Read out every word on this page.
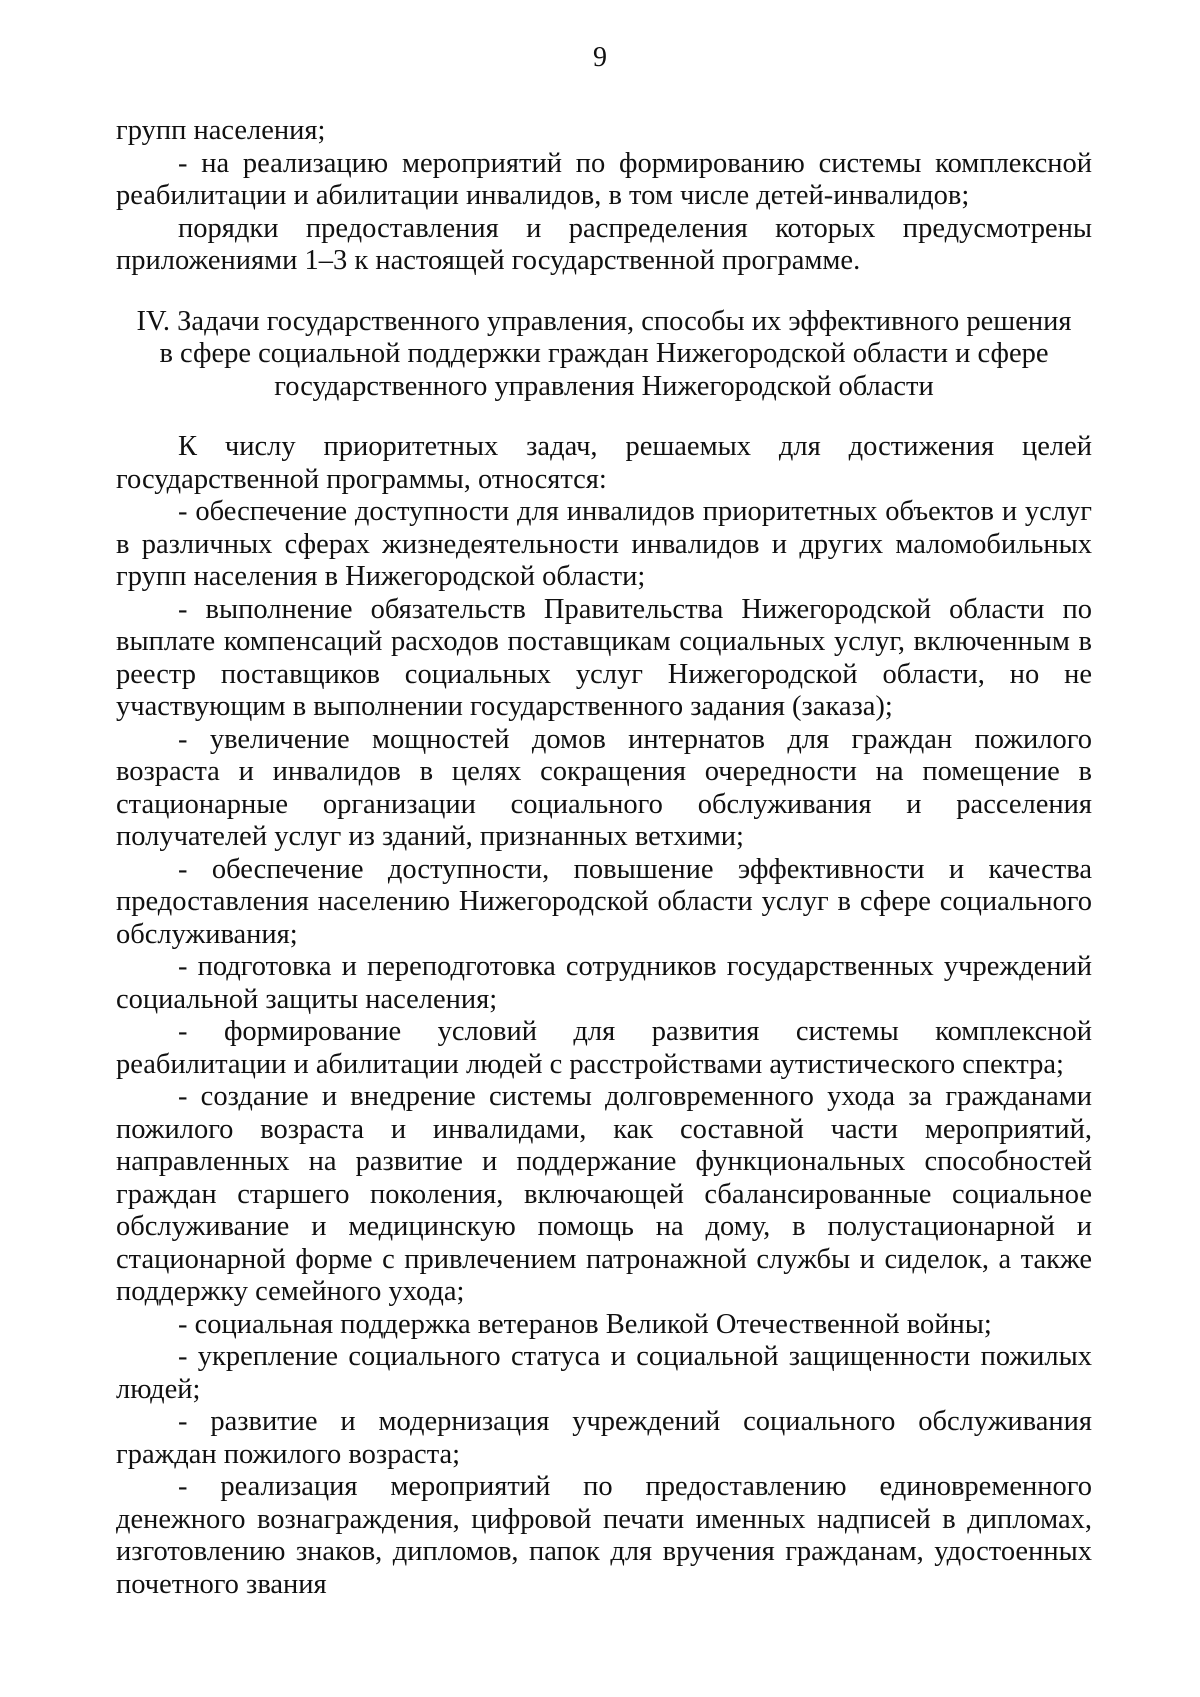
9

групп населения;

- на реализацию мероприятий по формированию системы комплексной реабилитации и абилитации инвалидов, в том числе детей-инвалидов;

порядки предоставления и распределения которых предусмотрены приложениями 1–3 к настоящей государственной программе.

IV. Задачи государственного управления, способы их эффективного решения
в сфере социальной поддержки граждан Нижегородской области и сфере
государственного управления Нижегородской области

К числу приоритетных задач, решаемых для достижения целей государственной программы, относятся:

- обеспечение доступности для инвалидов приоритетных объектов и услуг в различных сферах жизнедеятельности инвалидов и других маломобильных групп населения в Нижегородской области;

- выполнение обязательств Правительства Нижегородской области по выплате компенсаций расходов поставщикам социальных услуг, включенным в реестр поставщиков социальных услуг Нижегородской области, но не участвующим в выполнении государственного задания (заказа);

- увеличение мощностей домов интернатов для граждан пожилого возраста и инвалидов в целях сокращения очередности на помещение в стационарные организации социального обслуживания и расселения получателей услуг из зданий, признанных ветхими;

- обеспечение доступности, повышение эффективности и качества предоставления населению Нижегородской области услуг в сфере социального обслуживания;

- подготовка и переподготовка сотрудников государственных учреждений социальной защиты населения;

- формирование условий для развития системы комплексной реабилитации и абилитации людей с расстройствами аутистического спектра;

- создание и внедрение системы долговременного ухода за гражданами пожилого возраста и инвалидами, как составной части мероприятий, направленных на развитие и поддержание функциональных способностей граждан старшего поколения, включающей сбалансированные социальное обслуживание и медицинскую помощь на дому, в полустационарной и стационарной форме с привлечением патронажной службы и сиделок, а также поддержку семейного ухода;

- социальная поддержка ветеранов Великой Отечественной войны;

- укрепление социального статуса и социальной защищенности пожилых людей;

- развитие и модернизация учреждений социального обслуживания граждан пожилого возраста;

- реализация мероприятий по предоставлению единовременного денежного вознаграждения, цифровой печати именных надписей в дипломах, изготовлению знаков, дипломов, папок для вручения гражданам, удостоенных почетного звания
